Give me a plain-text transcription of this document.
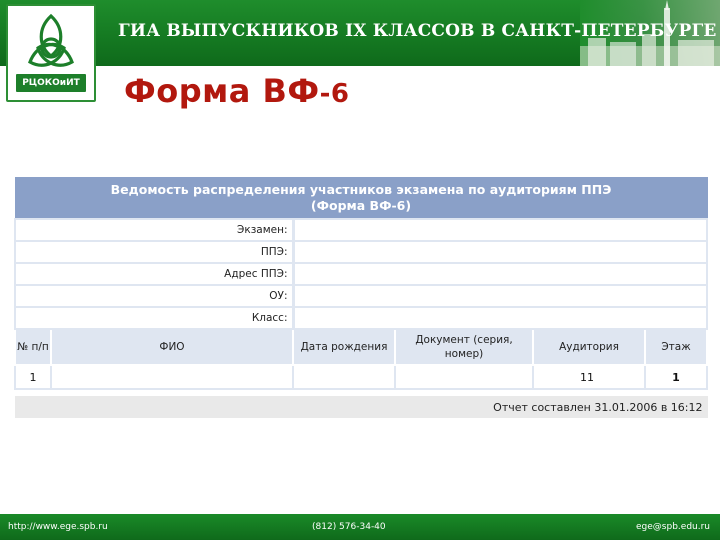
ГИА ВЫПУСКНИКОВ IX КЛАССОВ В САНКТ-ПЕТЕРБУРГЕ
РЦОКОиИТ Форма ВФ-6
Ведомость распределения участников экзамена по аудиториям ППЭ
(Форма ВФ-6)					

Экзамен:					
ППЭ:					
Адрес ППЭ:					
ОУ:					
Класс:					
№ п/п	ФИО	Дата рождения	Документ (серия, номер)	Аудитория	Этаж
1				11	1

Отчет составлен 31.01.2006 в 16:12					
http://www.ege.spb.ru	(812) 576-34-40	ege@spb.edu.ru
